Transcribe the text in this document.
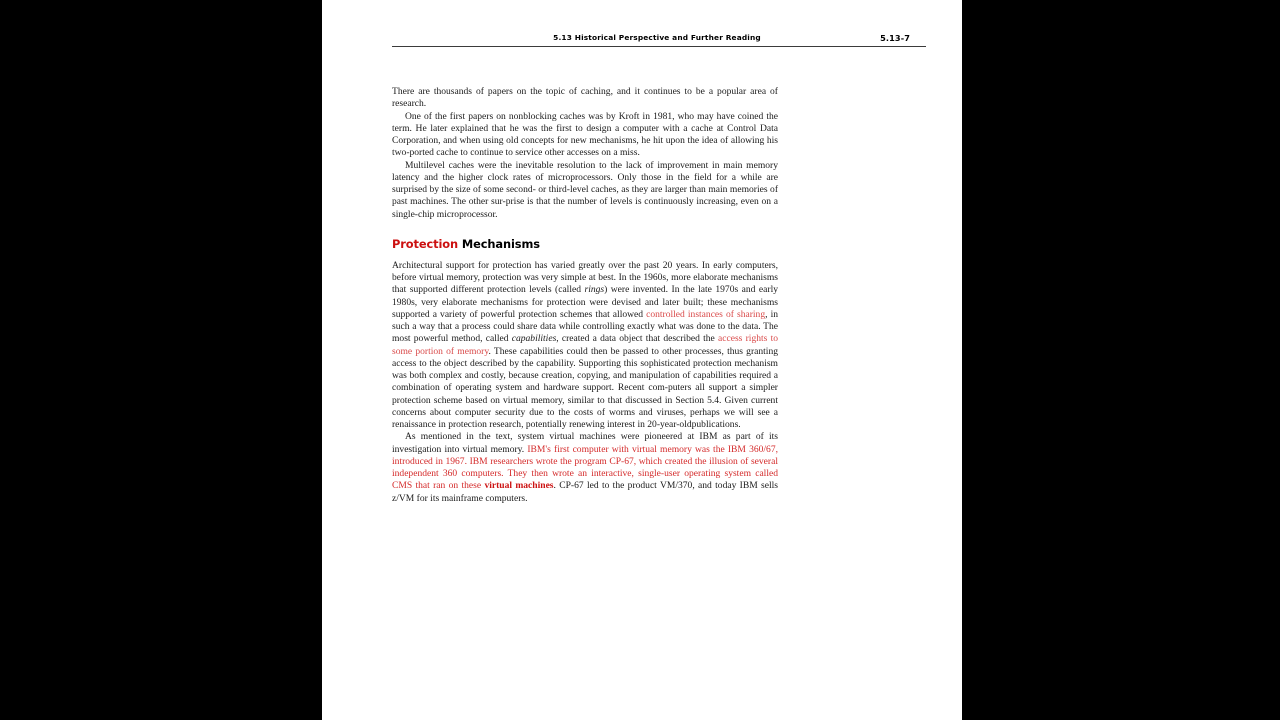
5.13 Historical Perspective and Further Reading	5.13-7

There are thousands of papers on the topic of caching, and it continues to be a popular area of research.

One of the first papers on nonblocking caches was by Kroft in 1981, who may have coined the term. He later explained that he was the first to design a computer with a cache at Control Data Corporation, and when using old concepts for new mechanisms, he hit upon the idea of allowing his two-ported cache to continue to service other accesses on a miss.

Multilevel caches were the inevitable resolution to the lack of improvement in main memory latency and the higher clock rates of microprocessors. Only those in the field for a while are surprised by the size of some second- or third-level caches, as they are larger than main memories of past machines. The other sur-prise is that the number of levels is continuously increasing, even on a single-chip microprocessor.

Protection Mechanisms

Architectural support for protection has varied greatly over the past 20 years. In early computers, before virtual memory, protection was very simple at best. In the 1960s, more elaborate mechanisms that supported different protection levels (called rings) were invented. In the late 1970s and early 1980s, very elaborate mechanisms for protection were devised and later built; these mechanisms supported a variety of powerful protection schemes that allowed controlled instances of sharing, in such a way that a process could share data while controlling exactly what was done to the data. The most powerful method, called capabilities, created a data object that described the access rights to some portion of memory. These capabilities could then be passed to other processes, thus granting access to the object described by the capability. Supporting this sophisticated protection mechanism was both complex and costly, because creation, copying, and manipulation of capabilities required a combination of operating system and hardware support. Recent com-puters all support a simpler protection scheme based on virtual memory, similar to that discussed in Section 5.4. Given current concerns about computer security due to the costs of worms and viruses, perhaps we will see a renaissance in protection research, potentially renewing interest in 20-year-oldpublications.

As mentioned in the text, system virtual machines were pioneered at IBM as part of its investigation into virtual memory. IBM's first computer with virtual memory was the IBM 360/67, introduced in 1967. IBM researchers wrote the program CP-67, which created the illusion of several independent 360 computers. They then wrote an interactive, single-user operating system called CMS that ran on these virtual machines. CP-67 led to the product VM/370, and today IBM sells z/VM for its mainframe computers.
